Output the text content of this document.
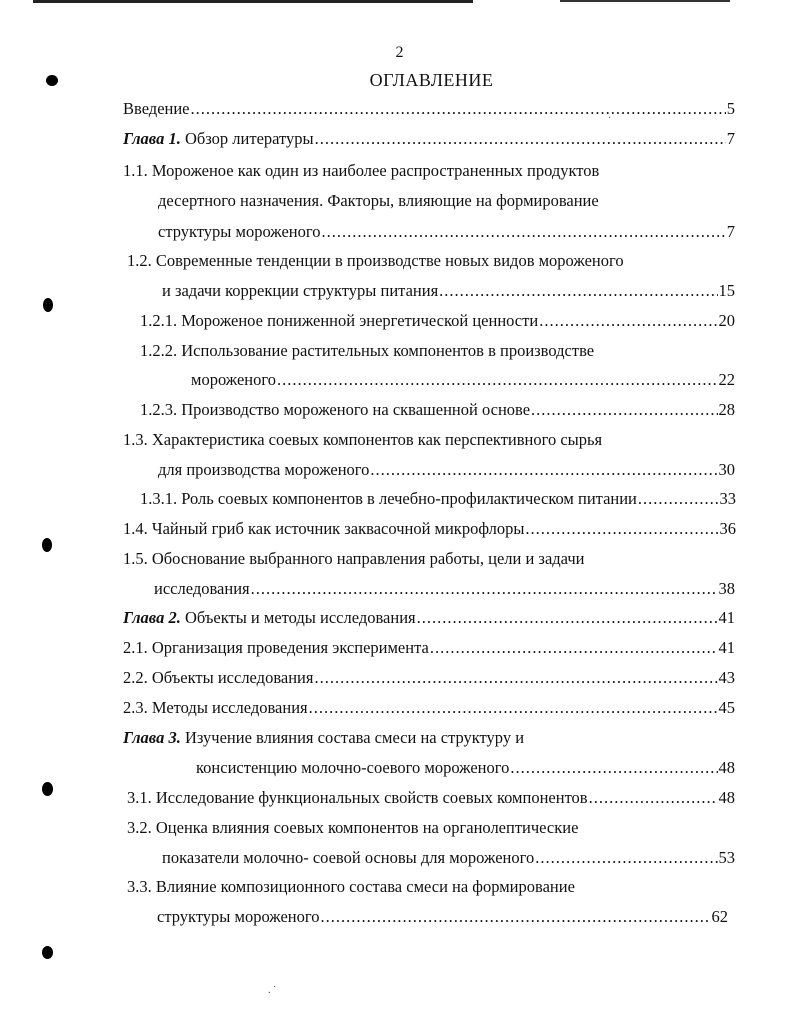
. ˙
˙
2
ОГЛАВЛЕНИЕ
Введение .....	5
Глава 1. Обзор литературы .....	7
1.1. Мороженое как один из наиболее распространенных продуктов
десертного назначения. Факторы, влияющие на формирование
структуры мороженого .....	7
1.2. Современные тенденции в производстве новых видов мороженого
и задачи коррекции структуры питания .....	15
1.2.1. Мороженое пониженной энергетической ценности .....	20
1.2.2. Использование растительных компонентов в производстве
мороженого .....	22
1.2.3. Производство мороженого на сквашенной основе .....	28
1.3. Характеристика соевых компонентов как перспективного сырья
для производства мороженого .....	30
1.3.1. Роль соевых компонентов в лечебно-профилактическом питании .....	33
1.4. Чайный гриб как источник заквасочной микрофлоры .....	36
1.5. Обоснование выбранного направления работы, цели и задачи
исследования .....	38
Глава 2. Объекты и методы исследования .....	41
2.1. Организация проведения эксперимента .....	41
2.2. Объекты исследования .....	43
2.3. Методы исследования .....	45
Глава 3. Изучение влияния состава смеси на структуру и
консистенцию молочно-соевого мороженого .....	48
3.1. Исследование функциональных свойств соевых компонентов .....	48
3.2. Оценка влияния соевых компонентов на органолептические
показатели молочно- соевой основы для мороженого .....	53
3.3. Влияние композиционного состава смеси на формирование
структуры мороженого .....	62
